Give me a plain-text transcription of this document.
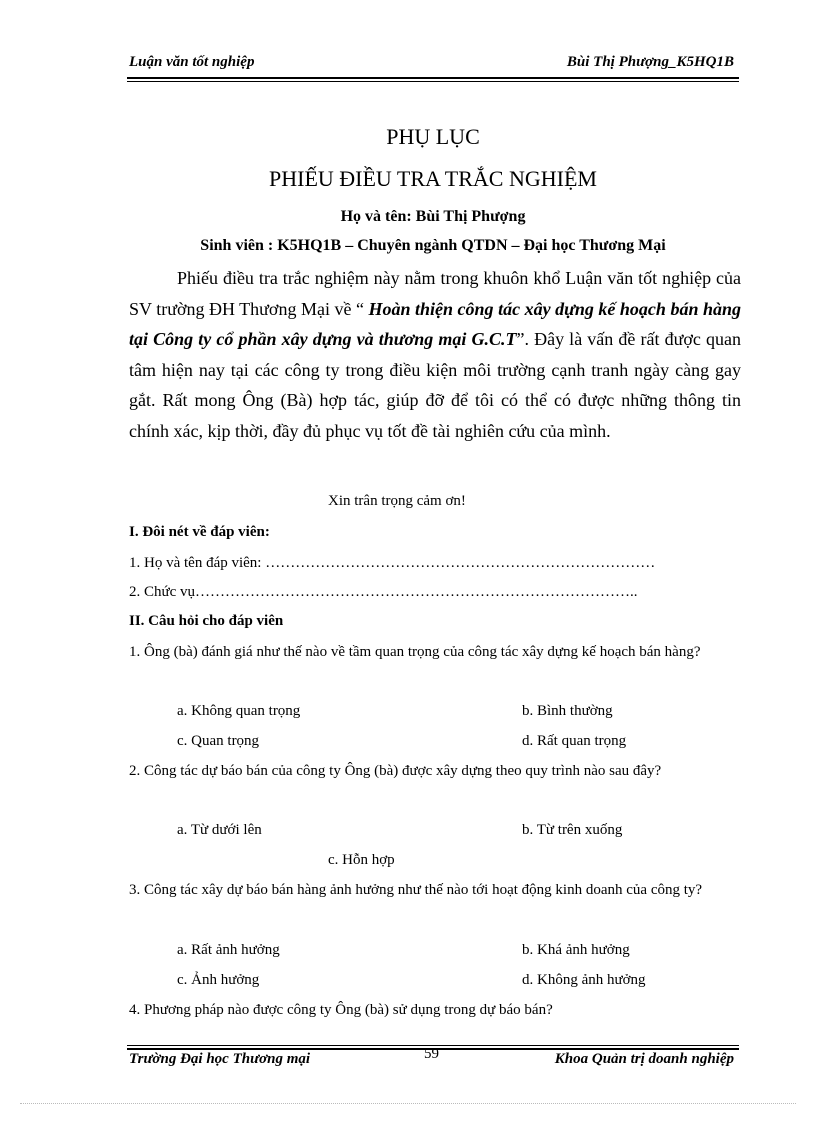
Luận văn tốt nghiệp	Bùi Thị Phượng_K5HQ1B
PHỤ LỤC
PHIẾU ĐIỀU TRA TRẮC NGHIỆM
Họ và tên: Bùi Thị Phượng
Sinh viên : K5HQ1B – Chuyên ngành QTDN – Đại học Thương Mại
Phiếu điều tra trắc nghiệm này nằm trong khuôn khổ Luận văn tốt nghiệp của SV trường ĐH Thương Mại về “ Hoàn thiện công tác xây dựng kế hoạch bán hàng tại Công ty cổ phần xây dựng và thương mại G.C.T”. Đây là vấn đề rất được quan tâm hiện nay tại các công ty trong điều kiện môi trường cạnh tranh ngày càng gay gắt. Rất mong Ông (Bà) hợp tác, giúp đỡ để tôi có thể có được những thông tin chính xác, kịp thời, đầy đủ phục vụ tốt đề tài nghiên cứu của mình.
Xin trân trọng cảm ơn!
I. Đôi nét về đáp viên:
1. Họ và tên đáp viên: ……………………………………………………………………
2. Chức vụ……………………………………………………………………………..
II. Câu hỏi cho đáp viên
1. Ông (bà) đánh giá như thế nào về tầm quan trọng của công tác xây dựng kế hoạch bán hàng?
a. Không quan trọng	b. Bình thường
c. Quan trọng	d. Rất quan trọng
2. Công tác dự báo bán của công ty Ông (bà) được xây dựng theo quy trình nào sau đây?
a. Từ dưới lên	b. Từ trên xuống
c. Hỗn hợp
3. Công tác xây dự báo bán hàng ảnh hưởng như thế nào tới hoạt động kinh doanh của công ty?
a. Rất ảnh hưởng	b. Khá ảnh hưởng
c. Ảnh hưởng	d. Không ảnh hưởng
4. Phương pháp nào được công ty Ông (bà) sử dụng trong dự báo bán?
Trường Đại học Thương mại	59	Khoa Quản trị doanh nghiệp
